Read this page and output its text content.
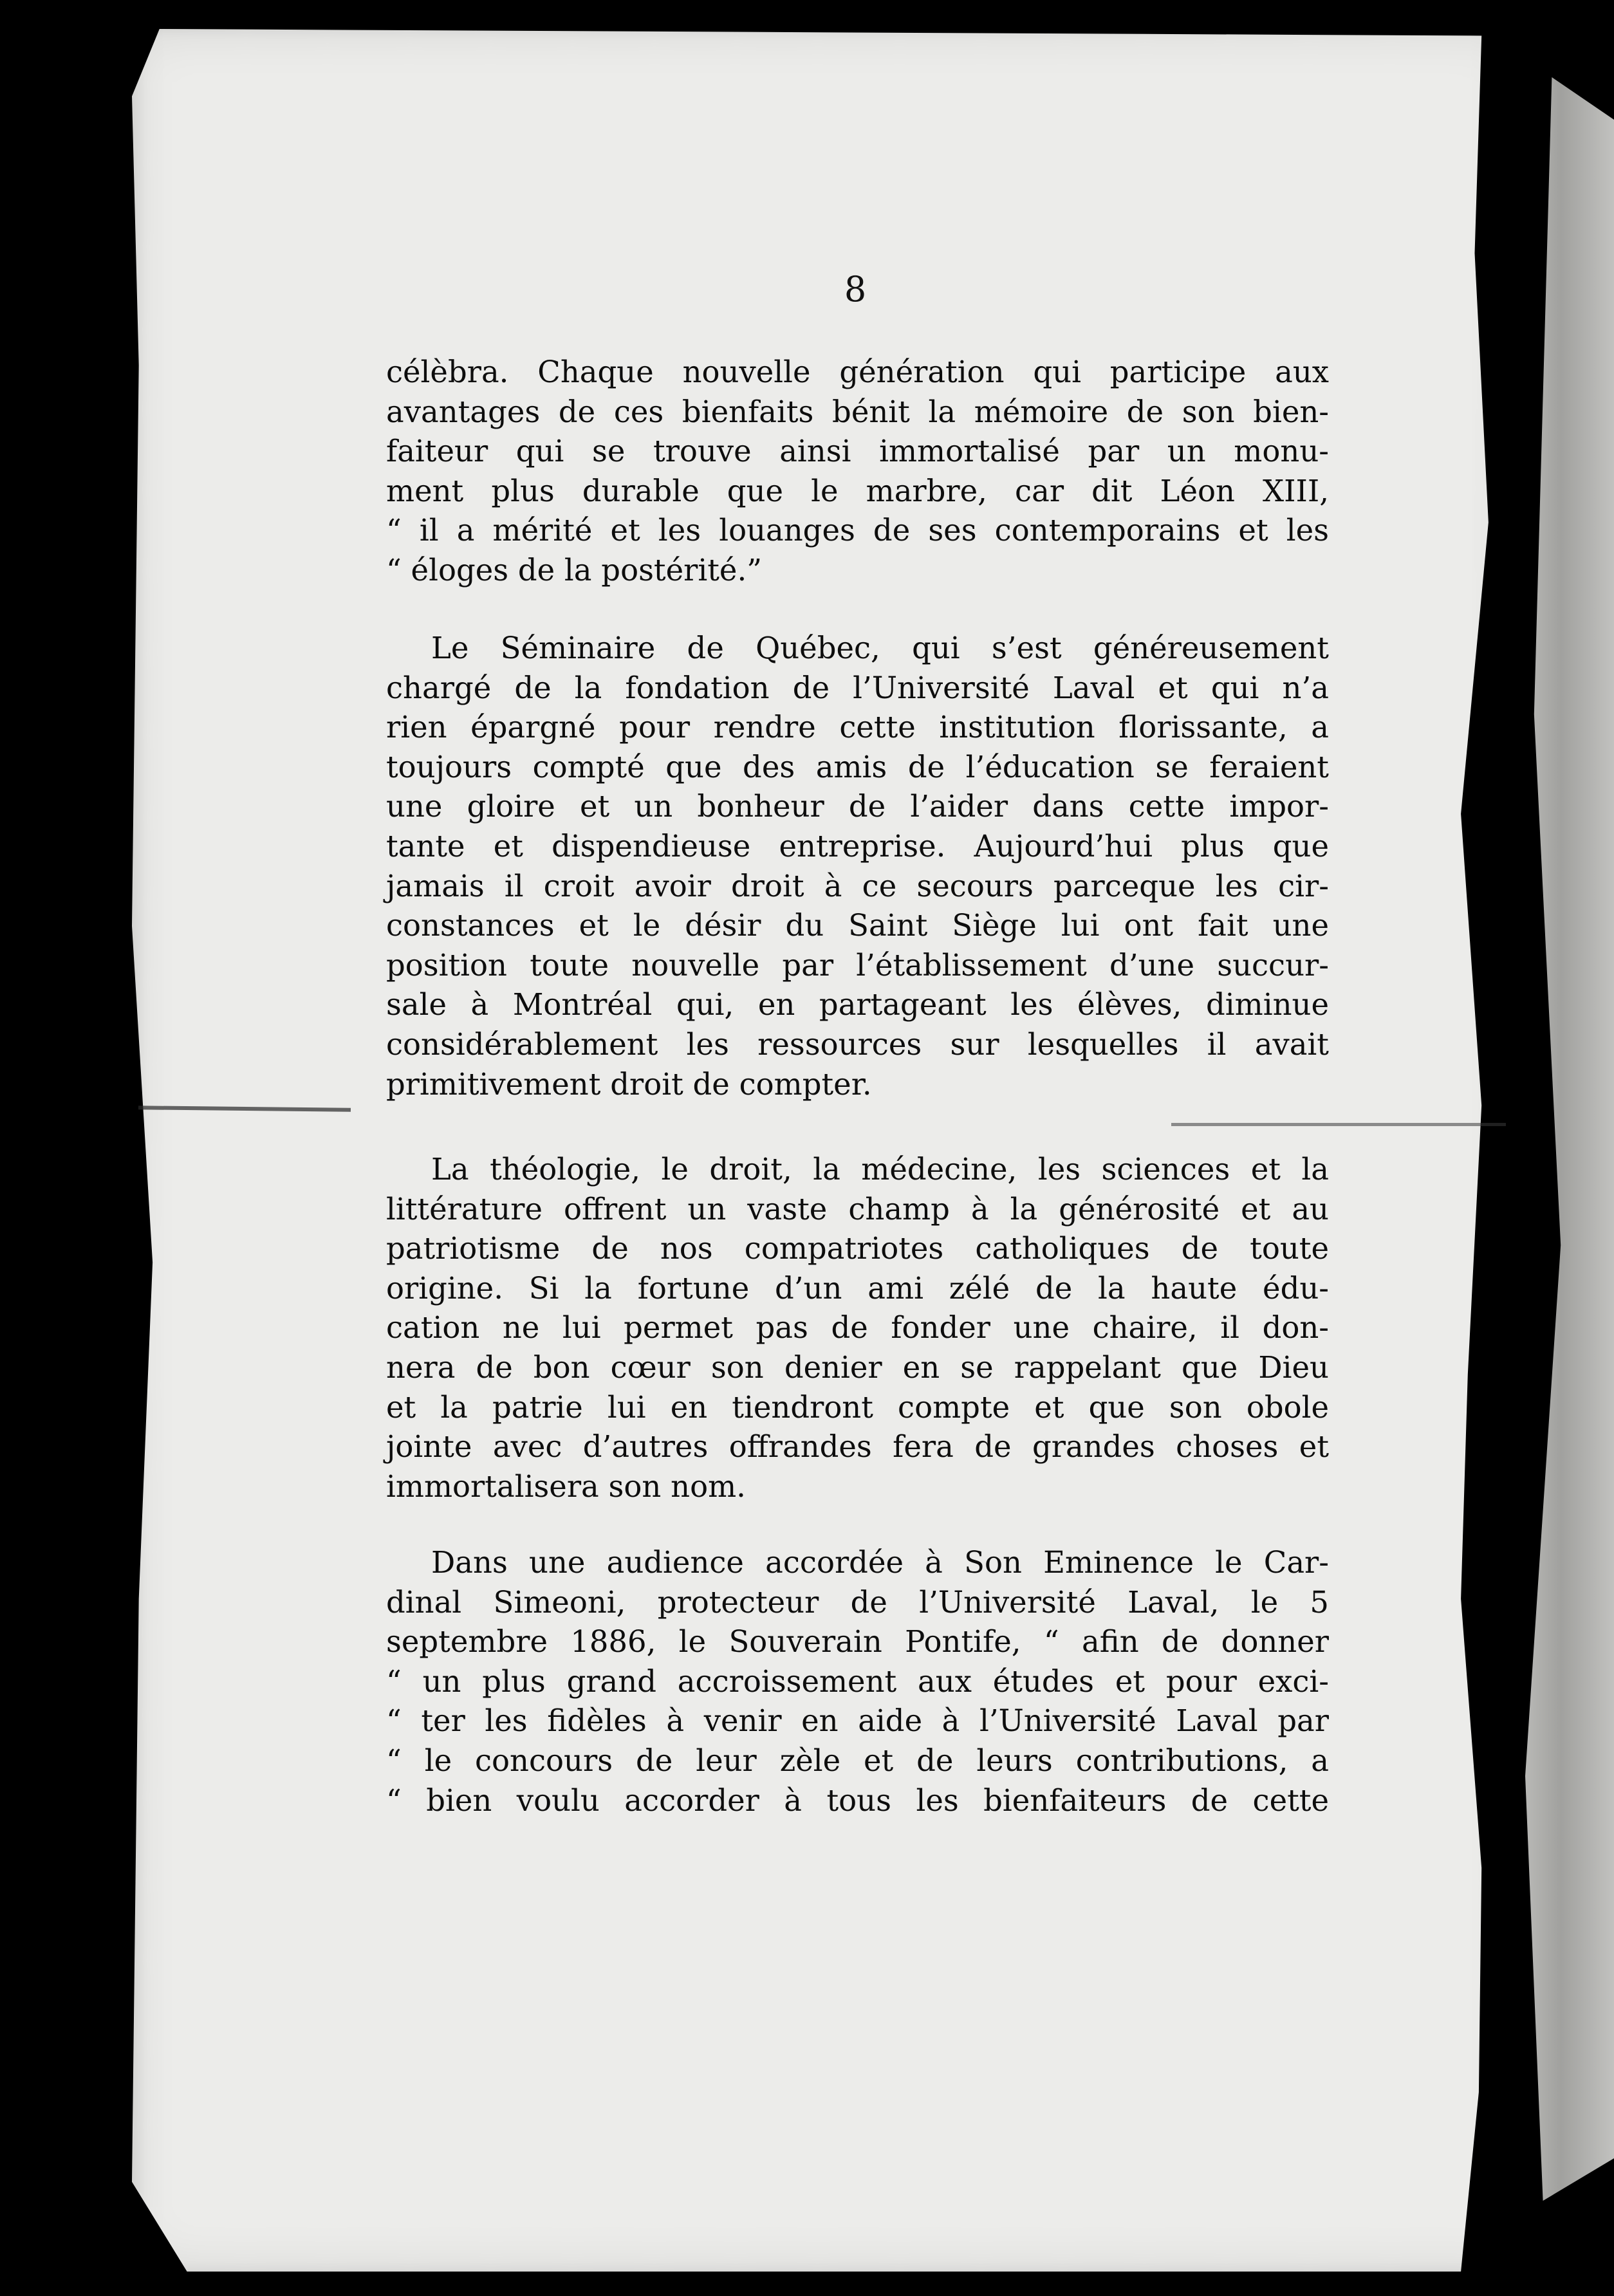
8
célèbra. Chaque nouvelle génération qui participe aux
avantages de ces bienfaits bénit la mémoire de son bien-
faiteur qui se trouve ainsi immortalisé par un monu-
ment plus durable que le marbre, car dit Léon XIII,
“ il a mérité et les louanges de ses contemporains et les
“ éloges de la postérité.”
Le Séminaire de Québec, qui s’est généreusement
chargé de la fondation de l’Université Laval et qui n’a
rien épargné pour rendre cette institution florissante, a
toujours compté que des amis de l’éducation se feraient
une gloire et un bonheur de l’aider dans cette impor-
tante et dispendieuse entreprise. Aujourd’hui plus que
jamais il croit avoir droit à ce secours parceque les cir-
constances et le désir du Saint Siège lui ont fait une
position toute nouvelle par l’établissement d’une succur-
sale à Montréal qui, en partageant les élèves, diminue
considérablement les ressources sur lesquelles il avait
primitivement droit de compter.
La théologie, le droit, la médecine, les sciences et la
littérature offrent un vaste champ à la générosité et au
patriotisme de nos compatriotes catholiques de toute
origine. Si la fortune d’un ami zélé de la haute édu-
cation ne lui permet pas de fonder une chaire, il don-
nera de bon cœur son denier en se rappelant que Dieu
et la patrie lui en tiendront compte et que son obole
jointe avec d’autres offrandes fera de grandes choses et
immortalisera son nom.
Dans une audience accordée à Son Eminence le Car-
dinal Simeoni, protecteur de l’Université Laval, le 5
septembre 1886, le Souverain Pontife, “ afin de donner
“ un plus grand accroissement aux études et pour exci-
“ ter les fidèles à venir en aide à l’Université Laval par
“ le concours de leur zèle et de leurs contributions, a
“ bien voulu accorder à tous les bienfaiteurs de cette
